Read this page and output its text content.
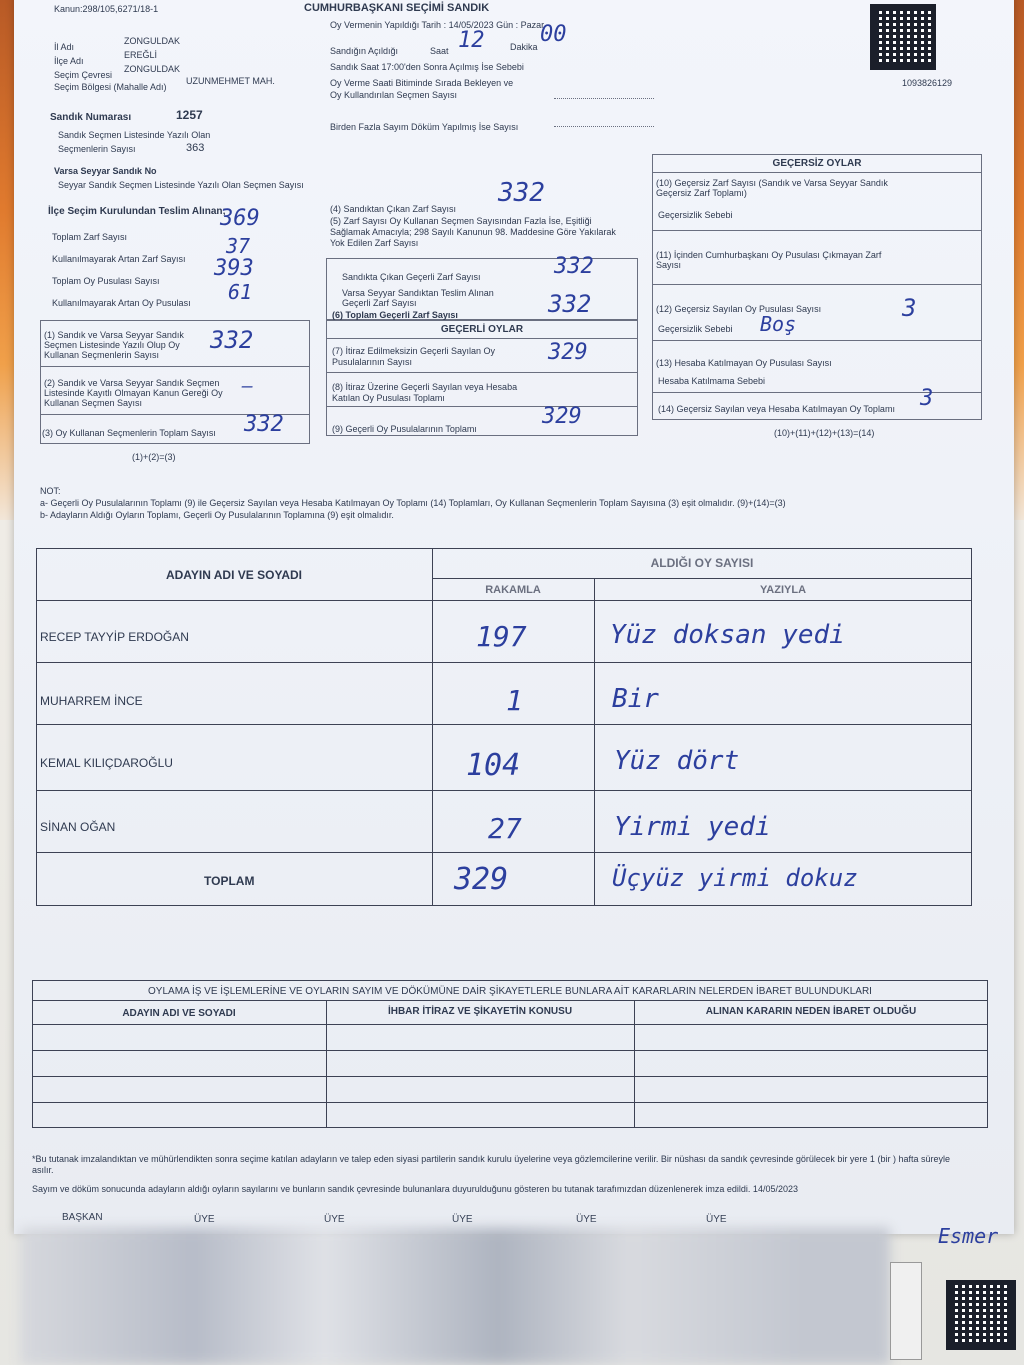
Kanun:298/105,6271/18-1	CUMHURBAŞKANI SEÇİMİ SANDIK
Oy Vermenin Yapıldığı Tarih : 14/05/2023 Gün : Pazar
İl Adı
ZONGULDAK
İlçe Adı
EREĞLİ
Seçim Çevresi
ZONGULDAK
Seçim Bölgesi (Mahalle Adı)
UZUNMEHMET MAH.
Sandığın Açıldığı	Saat 12	Dakika 00
Sandık Saat 17:00'den Sonra Açılmış İse Sebebi
Oy Verme Saati Bitiminde Sırada Bekleyen ve
Oy Kullandırılan Seçmen Sayısı
Birden Fazla Sayım Döküm Yapılmış İse Sayısı
1093826129
Sandık Numarası	1257
Sandık Seçmen Listesinde Yazılı Olan
Seçmenlerin Sayısı	363
Varsa Seyyar Sandık No
Seyyar Sandık Seçmen Listesinde Yazılı Olan Seçmen Sayısı
İlçe Seçim Kurulundan Teslim Alınan;
Toplam Zarf Sayısı
369
Kullanılmayarak Artan Zarf Sayısı
37
Toplam Oy Pusulası Sayısı 393
Kullanılmayarak Artan Oy Pusulası 61
(1) Sandık ve Varsa Seyyar Sandık Seçmen Listesinde Yazılı Olup Oy Kullanan Seçmenlerin Sayısı
332
(2) Sandık ve Varsa Seyyar Sandık Seçmen Listesinde Kayıtlı Olmayan Kanun Gereği Oy Kullanan Seçmen Sayısı
—
(3) Oy Kullanan Seçmenlerin Toplam Sayısı 332
(1)+(2)=(3)
(4) Sandıktan Çıkan Zarf Sayısı
332
(5) Zarf Sayısı Oy Kullanan Seçmen Sayısından Fazla İse, Eşitliği Sağlamak Amacıyla; 298 Sayılı Kanunun 98. Maddesine Göre Yakılarak Yok Edilen Zarf Sayısı
Sandıkta Çıkan Geçerli Zarf Sayısı	332
Varsa Seyyar Sandıktan Teslim Alınan Geçerli Zarf Sayısı
(6) Toplam Geçerli Zarf Sayısı	332
GEÇERLİ OYLAR
(7) İtiraz Edilmeksizin Geçerli Sayılan Oy Pusulalarının Sayısı	329
(8) İtiraz Üzerine Geçerli Sayılan veya Hesaba Katılan Oy Pusulası Toplamı
(9) Geçerli Oy Pusulalarının Toplamı	329
GEÇERSİZ OYLAR
(10) Geçersiz Zarf Sayısı (Sandık ve Varsa Seyyar Sandık Geçersiz Zarf Toplamı)
Geçersizlik Sebebi
(11) İçinden Cumhurbaşkanı Oy Pusulası Çıkmayan Zarf Sayısı
(12) Geçersiz Sayılan Oy Pusulası Sayısı	3
Geçersizlik Sebebi Boş
(13) Hesaba Katılmayan Oy Pusulası Sayısı
Hesaba Katılmama Sebebi
(14) Geçersiz Sayılan veya Hesaba Katılmayan Oy Toplamı 3
(10)+(11)+(12)+(13)=(14)
NOT:
a- Geçerli Oy Pusulalarının Toplamı (9) ile Geçersiz Sayılan veya Hesaba Katılmayan Oy Toplamı (14) Toplamları, Oy Kullanan Seçmenlerin Toplam Sayısına (3) eşit olmalıdır. (9)+(14)=(3)
b- Adayların Aldığı Oyların Toplamı, Geçerli Oy Pusulalarının Toplamına (9) eşit olmalıdır.
ADAYIN ADI VE SOYADI
ALDIĞI OY SAYISI
RAKAMLA	YAZIYLA
RECEP TAYYİP ERDOĞAN	197	Yüz doksan yedi
MUHARREM İNCE	1	Bir
KEMAL KILIÇDAROĞLU	104	Yüz dört
SİNAN OĞAN	27	Yirmi yedi
TOPLAM	329	Üçyüz yirmi dokuz
OYLAMA İŞ VE İŞLEMLERİNE VE OYLARIN SAYIM VE DÖKÜMÜNE DAİR ŞİKAYETLERLE BUNLARA AİT KARARLARIN NELERDEN İBARET BULUNDUKLARI
ADAYIN ADI VE SOYADI	İHBAR İTİRAZ VE ŞİKAYETİN KONUSU	ALINAN KARARIN NEDEN İBARET OLDUĞU
*Bu tutanak imzalandıktan ve mühürlendikten sonra seçime katılan adayların ve talep eden siyasi partilerin sandık kurulu üyelerine veya gözlemcilerine verilir. Bir nüshası da sandık çevresinde görülecek bir yere 1 (bir ) hafta süreyle asılır.
Sayım ve döküm sonucunda adayların aldığı oyların sayılarını ve bunların sandık çevresinde bulunanlara duyurulduğunu gösteren bu tutanak tarafımızdan düzenlenerek imza edildi. 14/05/2023
BAŞKAN	ÜYE	ÜYE	ÜYE	ÜYE	ÜYE
Esmer
